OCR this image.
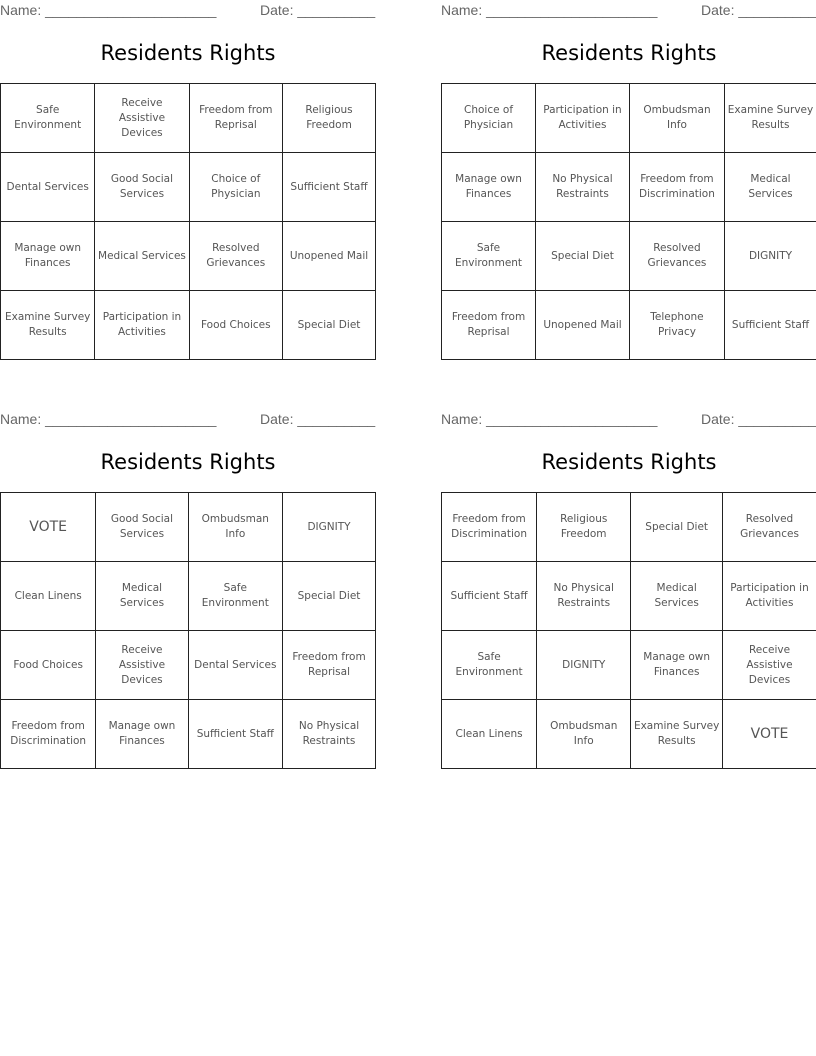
Name: ______________________	Date: __________
Residents Rights
Safe Environment	Receive Assistive Devices	Freedom from Reprisal	Religious Freedom
Dental Services	Good Social Services	Choice of Physician	Sufficient Staff
Manage own Finances	Medical Services	Resolved Grievances	Unopened Mail
Examine Survey Results	Participation in Activities	Food Choices	Special Diet
Name: ______________________	Date: __________
Residents Rights
Choice of Physician	Participation in Activities	Ombudsman Info	Examine Survey Results
Manage own Finances	No Physical Restraints	Freedom from Discrimination	Medical Services
Safe Environment	Special Diet	Resolved Grievances	DIGNITY
Freedom from Reprisal	Unopened Mail	Telephone Privacy	Sufficient Staff
Name: ______________________	Date: __________
Residents Rights
VOTE	Good Social Services	Ombudsman Info	DIGNITY
Clean Linens	Medical Services	Safe Environment	Special Diet
Food Choices	Receive Assistive Devices	Dental Services	Freedom from Reprisal
Freedom from Discrimination	Manage own Finances	Sufficient Staff	No Physical Restraints
Name: ______________________	Date: __________
Residents Rights
Freedom from Discrimination	Religious Freedom	Special Diet	Resolved Grievances
Sufficient Staff	No Physical Restraints	Medical Services	Participation in Activities
Safe Environment	DIGNITY	Manage own Finances	Receive Assistive Devices
Clean Linens	Ombudsman Info	Examine Survey Results	VOTE
